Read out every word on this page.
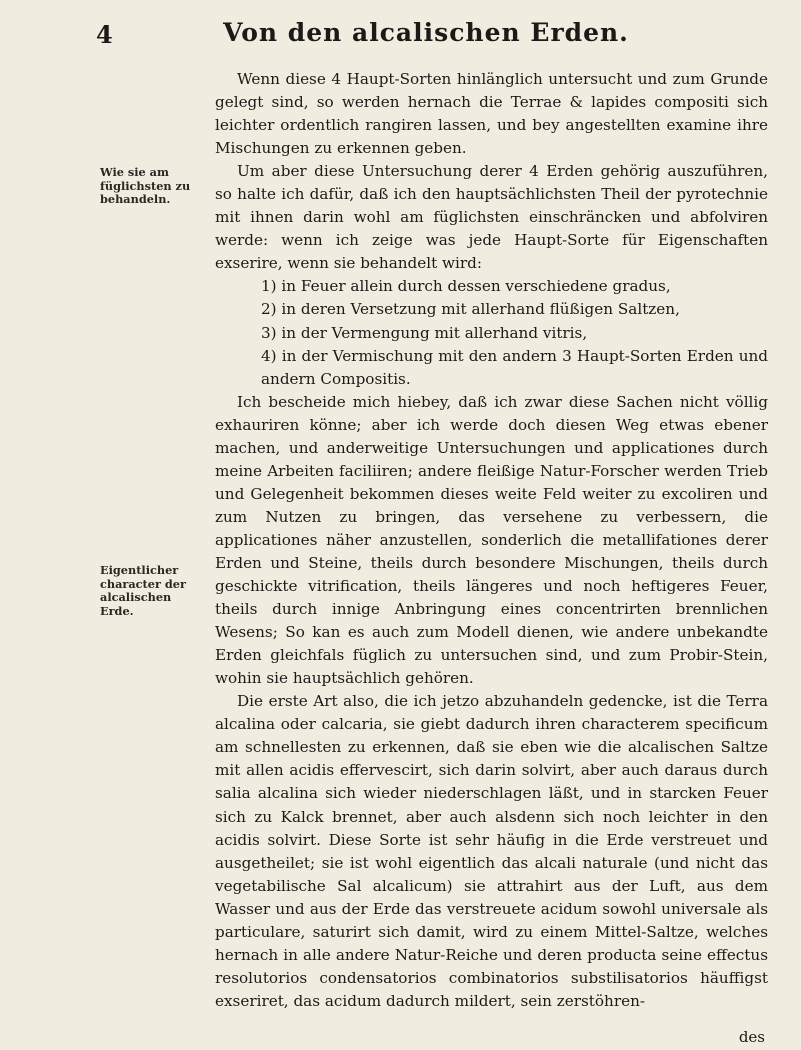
4	Von den alcalischen Erden.
Wie sie am
füglichsten zu
behandeln.
Eigentlicher
character der
alcalischen
Erde.

Wenn diese 4 Haupt-Sorten hinlänglich untersucht und zum Grunde gelegt sind, so werden hernach die Terrae & lapides compositi sich leichter ordentlich rangiren lassen, und bey angestellten examine ihre Mischungen zu erkennen geben.

Um aber diese Untersuchung derer 4 Erden gehörig auszuführen, so halte ich dafür, daß ich den hauptsächlichsten Theil der pyrotechnie mit ihnen darin wohl am füglichsten einschräncken und abfolviren werde: wenn ich zeige was jede Haupt-Sorte für Eigenschaften exserire, wenn sie behandelt wird:

1) in Feuer allein durch dessen verschiedene gradus,
2) in deren Versetzung mit allerhand flüßigen Saltzen,
3) in der Vermengung mit allerhand vitris,
4) in der Vermischung mit den andern 3 Haupt-Sorten Erden und andern Compositis.

Ich bescheide mich hiebey, daß ich zwar diese Sachen nicht völlig exhauriren könne; aber ich werde doch diesen Weg etwas ebener machen, und anderweitige Untersuchungen und applicationes durch meine Arbeiten faciliiren; andere fleißige Natur-Forscher werden Trieb und Gelegenheit bekommen dieses weite Feld weiter zu excoliren und zum Nutzen zu bringen, das versehene zu verbessern, die applicationes näher anzustellen, sonderlich die metallifationes derer Erden und Steine, theils durch besondere Mischungen, theils durch geschickte vitrification, theils längeres und noch heftigeres Feuer, theils durch innige Anbringung eines concentrirten brennlichen Wesens; So kan es auch zum Modell dienen, wie andere unbekandte Erden gleichfals füglich zu untersuchen sind, und zum Probir-Stein, wohin sie hauptsächlich gehören.

Die erste Art also, die ich jetzo abzuhandeln gedencke, ist die Terra alcalina oder calcaria, sie giebt dadurch ihren characterem specificum am schnellesten zu erkennen, daß sie eben wie die alcalischen Saltze mit allen acidis effervescirt, sich darin solvirt, aber auch daraus durch salia alcalina sich wieder niederschlagen läßt, und in starcken Feuer sich zu Kalck brennet, aber auch alsdenn sich noch leichter in den acidis solvirt. Diese Sorte ist sehr häufig in die Erde verstreuet und ausgetheilet; sie ist wohl eigentlich das alcali naturale (und nicht das vegetabilische Sal alcalicum) sie attrahirt aus der Luft, aus dem Wasser und aus der Erde das verstreuete acidum sowohl universale als particulare, saturirt sich damit, wird zu einem Mittel-Saltze, welches hernach in alle andere Natur-Reiche und deren producta seine effectus resolutorios condensatorios combinatorios substilisatorios häuffigst exseriret, das acidum dadurch mildert, sein zerstöhren-

des
